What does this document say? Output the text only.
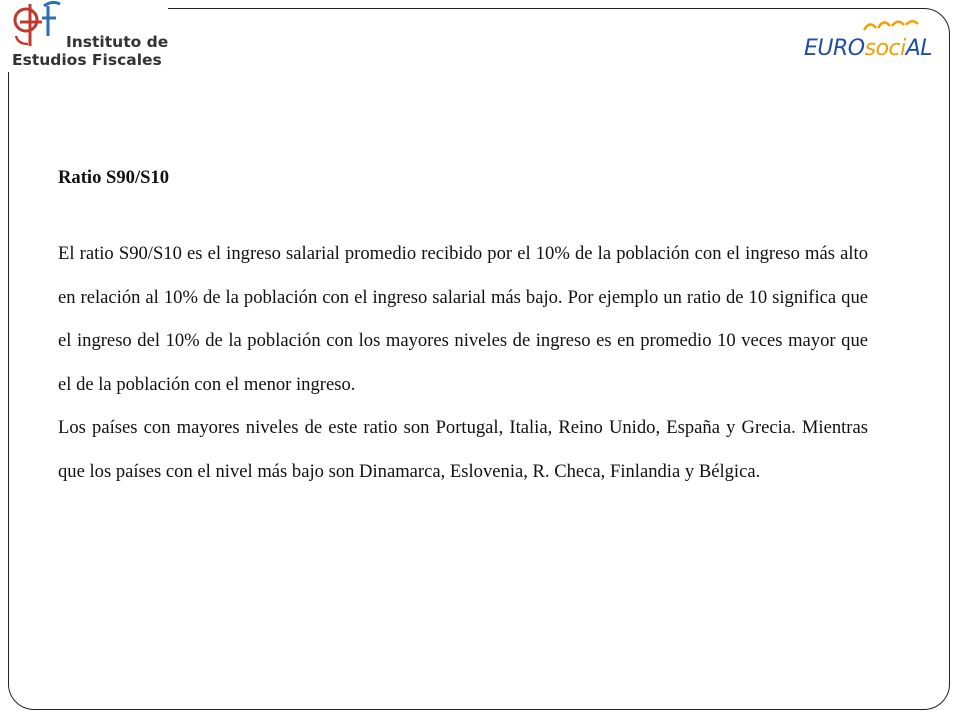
Instituto de
Estudios Fiscales	EUROsociAL

Ratio S90/S10

El ratio S90/S10 es el ingreso salarial promedio recibido por el 10% de la población con el ingreso más alto en relación al 10% de la población con el ingreso salarial más bajo. Por ejemplo un ratio de 10 significa que el ingreso del 10% de la población con los mayores niveles de ingreso es en promedio 10 veces mayor que el de la población con el menor ingreso.

Los países con mayores niveles de este ratio son Portugal, Italia, Reino Unido, España y Grecia. Mientras que los países con el nivel más bajo son Dinamarca, Eslovenia, R. Checa, Finlandia y Bélgica.
